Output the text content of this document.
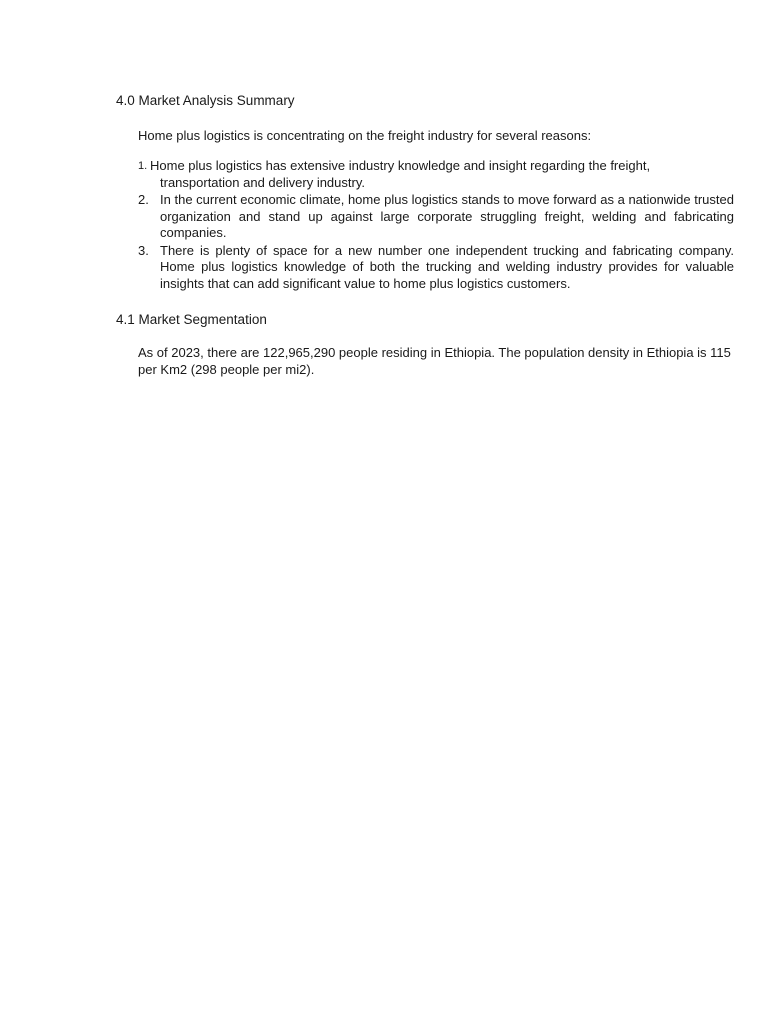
4.0 Market Analysis Summary

Home plus logistics is concentrating on the freight industry for several reasons:

1. Home plus logistics has extensive industry knowledge and insight regarding the freight,
transportation and delivery industry.
2. In the current economic climate, home plus logistics stands to move forward as a nationwide trusted organization and stand up against large corporate struggling freight, welding and fabricating companies.
3. There is plenty of space for a new number one independent trucking and fabricating company. Home plus logistics knowledge of both the trucking and welding industry provides for valuable insights that can add significant value to home plus logistics customers.
4.1 Market Segmentation

As of 2023, there are 122,965,290 people residing in Ethiopia. The population density in Ethiopia is 115 per Km2 (298 people per mi2).
